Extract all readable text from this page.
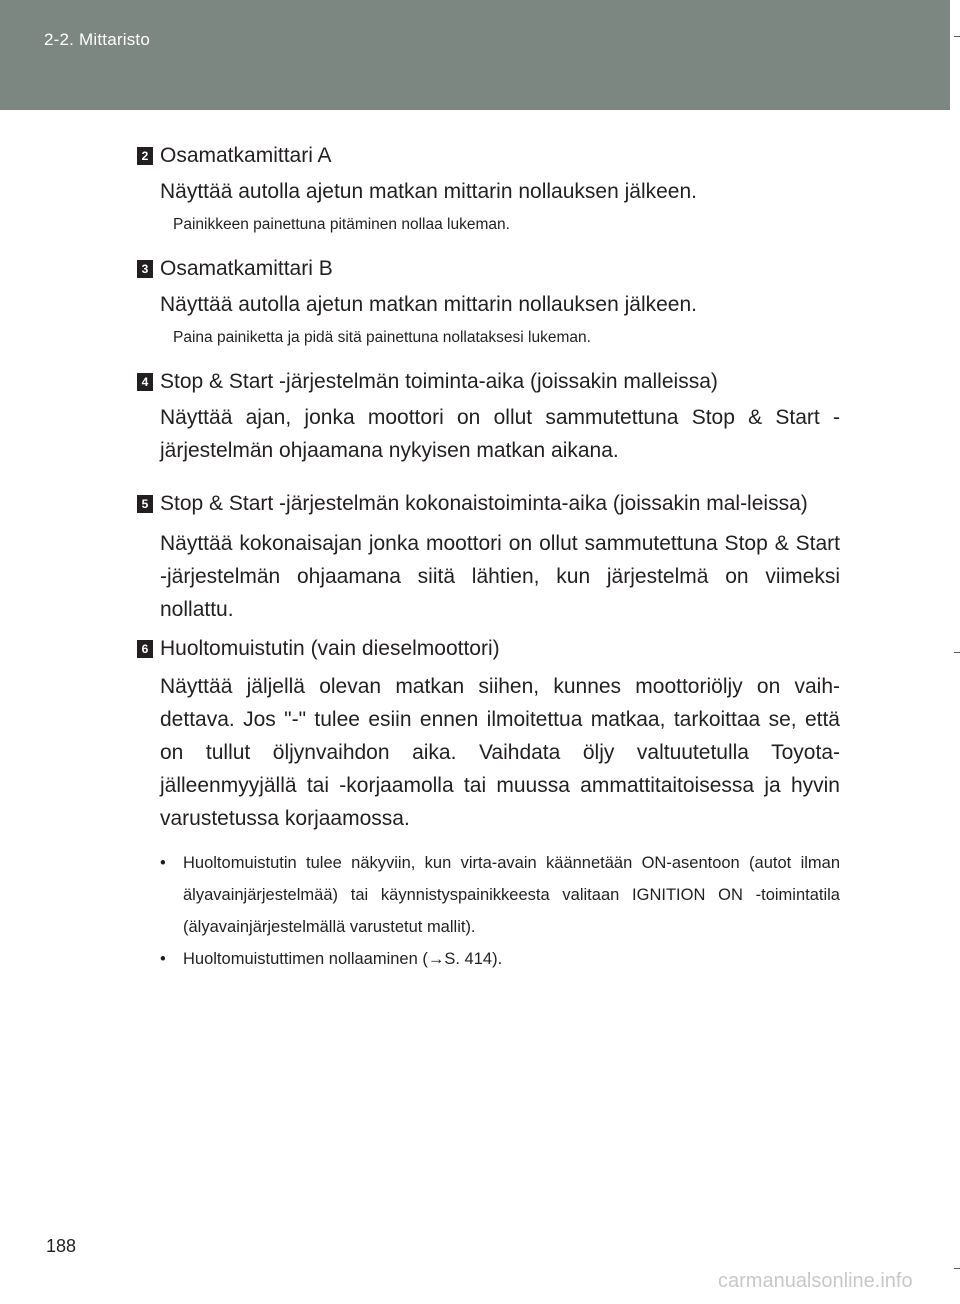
2-2. Mittaristo
2 Osamatkamittari A
Näyttää autolla ajetun matkan mittarin nollauksen jälkeen.
Painikkeen painettuna pitäminen nollaa lukeman.
3 Osamatkamittari B
Näyttää autolla ajetun matkan mittarin nollauksen jälkeen.
Paina painiketta ja pidä sitä painettuna nollataksesi lukeman.
4 Stop & Start -järjestelmän toiminta-aika (joissakin malleissa)
Näyttää ajan, jonka moottori on ollut sammutettuna Stop & Start -järjestelmän ohjaamana nykyisen matkan aikana.
5 Stop & Start -järjestelmän kokonaistoiminta-aika (joissakin mal-leissa)
Näyttää kokonaisajan jonka moottori on ollut sammutettuna Stop & Start -järjestelmän ohjaamana siitä lähtien, kun järjestelmä on viimeksi nollattu.
6 Huoltomuistutin (vain dieselmoottori)
Näyttää jäljellä olevan matkan siihen, kunnes moottoriöljy on vaih-dettava. Jos "-" tulee esiin ennen ilmoitettua matkaa, tarkoittaa se, että on tullut öljynvaihdon aika. Vaihdata öljy valtuutetulla Toyota-jälleenmyyjällä tai -korjaamolla tai muussa ammattitaitoisessa ja hyvin varustetussa korjaamossa.
• Huoltomuistutin tulee näkyviin, kun virta-avain käännetään ON-asentoon (autot ilman älyavainjärjestelmää) tai käynnistyspainikkeesta valitaan IGNITION ON -toimintatila (älyavainjärjestelmällä varustetut mallit).
• Huoltomuistuttimen nollaaminen (→S. 414).
188
carmanualsonline.info
